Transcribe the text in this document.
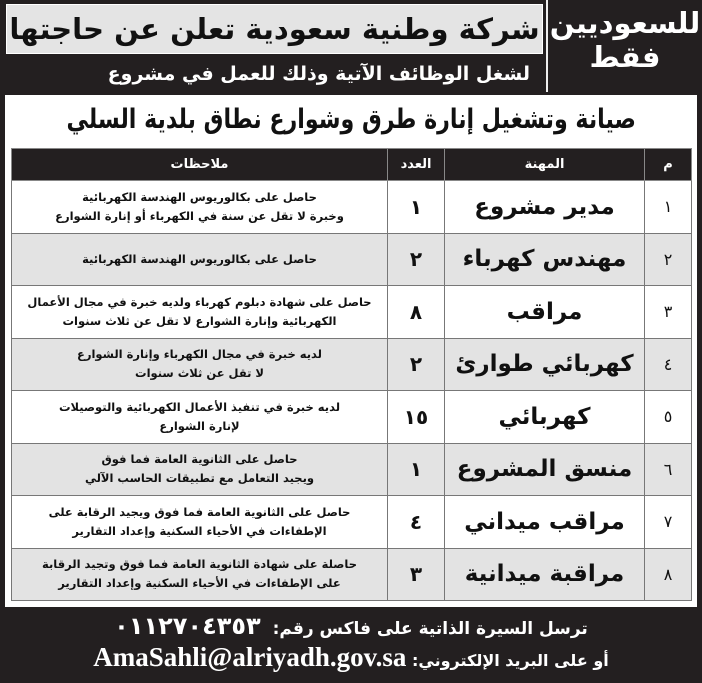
شركة وطنية سعودية تعلن عن حاجتها للسعوديين
فقط
لشغل الوظائف الآتية وذلك للعمل في مشروع
صيانة وتشغيل إنارة طرق وشوارع نطاق بلدية السلي
م	المهنة	العدد	ملاحظات
١	مدير مشروع	١	حاصل على بكالوريوس الهندسة الكهربائية
وخبرة لا تقل عن سنة في الكهرباء أو إنارة الشوارع

٢	مهندس كهرباء	٢	حاصل على بكالوريوس الهندسة الكهربائية

٣	مراقب	٨	حاصل على شهادة دبلوم كهرباء ولديه خبرة في مجال الأعمال
الكهربائية وإنارة الشوارع لا تقل عن ثلاث سنوات

٤	كهربائي طوارئ	٢	لديه خبرة في مجال الكهرباء وإنارة الشوارع
لا تقل عن ثلاث سنوات

٥	كهربائي	١٥	لديه خبرة في تنفيذ الأعمال الكهربائية والتوصيلات
لإنارة الشوارع

٦	منسق المشروع	١	حاصل على الثانوية العامة فما فوق
ويجيد التعامل مع تطبيقات الحاسب الآلي

٧	مراقب ميداني	٤	حاصل على الثانوية العامة فما فوق ويجيد الرقابة على
الإطفاءات في الأحياء السكنية وإعداد التقارير

٨	مراقبة ميدانية	٣	حاصلة على شهادة الثانوية العامة فما فوق وتجيد الرقابة
على الإطفاءات في الأحياء السكنية وإعداد التقارير
ترسل السيرة الذاتية على فاكس رقم: ٠١١٢٧٠٤٣٥٣
أو على البريد الإلكتروني: AmaSahli@alriyadh.gov.sa
